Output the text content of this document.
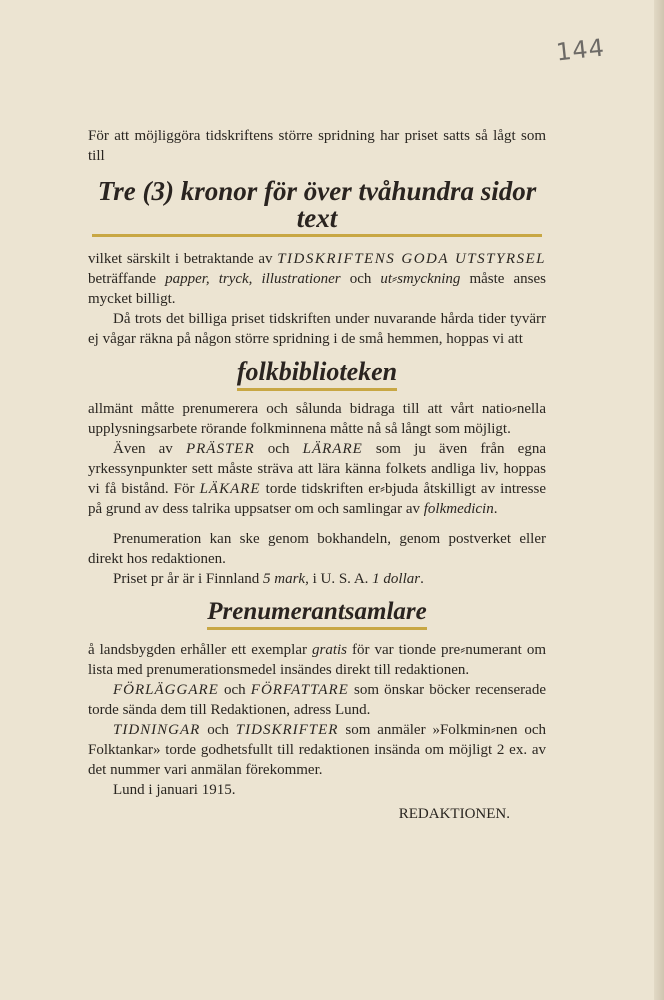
144

För att möjliggöra tidskriftens större spridning har priset satts så lågt som till

Tre (3) kronor för över tvåhundra sidor text

vilket särskilt i betraktande av TIDSKRIFTENS GODA UTSTYRSEL beträffande papper, tryck, illustrationer och ut⸗smyckning måste anses mycket billigt.

Då trots det billiga priset tidskriften under nuvarande hårda tider tyvärr ej vågar räkna på någon större spridning i de små hemmen, hoppas vi att

folkbiblioteken

allmänt måtte prenumerera och sålunda bidraga till att vårt natio⸗nella upplysningsarbete rörande folkminnena måtte nå så långt som möjligt.

Även av PRÄSTER och LÄRARE som ju även från egna yrkessynpunkter sett måste sträva att lära känna folkets andliga liv, hoppas vi få bistånd. För LÄKARE torde tidskriften er⸗bjuda åtskilligt av intresse på grund av dess talrika uppsatser om och samlingar av folkmedicin.

Prenumeration kan ske genom bokhandeln, genom postverket eller direkt hos redaktionen.

Priset pr år är i Finnland 5 mark, i U. S. A. 1 dollar.

Prenumerantsamlare

å landsbygden erhåller ett exemplar gratis för var tionde pre⸗numerant om lista med prenumerationsmedel insändes direkt till redaktionen.

FÖRLÄGGARE och FÖRFATTARE som önskar böcker recenserade torde sända dem till Redaktionen, adress Lund.

TIDNINGAR och TIDSKRIFTER som anmäler »Folkmin⸗nen och Folktankar» torde godhetsfullt till redaktionen insända om möjligt 2 ex. av det nummer vari anmälan förekommer.

Lund i januari 1915.

REDAKTIONEN.
